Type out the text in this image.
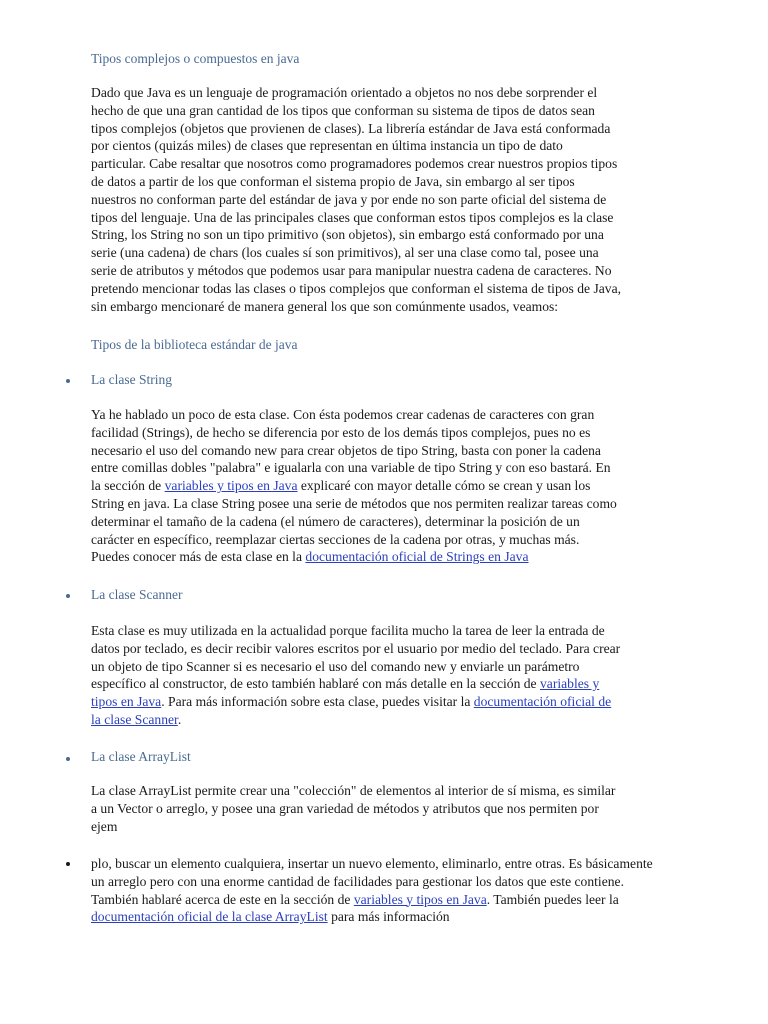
Tipos complejos o compuestos en java
Dado que Java es un lenguaje de programación orientado a objetos no nos debe sorprender el
hecho de que una gran cantidad de los tipos que conforman su sistema de tipos de datos sean
tipos complejos (objetos que provienen de clases). La librería estándar de Java está conformada
por cientos (quizás miles) de clases que representan en última instancia un tipo de dato
particular. Cabe resaltar que nosotros como programadores podemos crear nuestros propios tipos
de datos a partir de los que conforman el sistema propio de Java, sin embargo al ser tipos
nuestros no conforman parte del estándar de java y por ende no son parte oficial del sistema de
tipos del lenguaje. Una de las principales clases que conforman estos tipos complejos es la clase
String, los String no son un tipo primitivo (son objetos), sin embargo está conformado por una
serie (una cadena) de chars (los cuales sí son primitivos), al ser una clase como tal, posee una
serie de atributos y métodos que podemos usar para manipular nuestra cadena de caracteres. No
pretendo mencionar todas las clases o tipos complejos que conforman el sistema de tipos de Java,
sin embargo mencionaré de manera general los que son comúnmente usados, veamos:
Tipos de la biblioteca estándar de java
La clase String
Ya he hablado un poco de esta clase. Con ésta podemos crear cadenas de caracteres con gran
facilidad (Strings), de hecho se diferencia por esto de los demás tipos complejos, pues no es
necesario el uso del comando new para crear objetos de tipo String, basta con poner la cadena
entre comillas dobles "palabra" e igualarla con una variable de tipo String y con eso bastará. En
la sección de variables y tipos en Java explicaré con mayor detalle cómo se crean y usan los
String en java. La clase String posee una serie de métodos que nos permiten realizar tareas como
determinar el tamaño de la cadena (el número de caracteres), determinar la posición de un
carácter en específico, reemplazar ciertas secciones de la cadena por otras, y muchas más.
Puedes conocer más de esta clase en la documentación oficial de Strings en Java
La clase Scanner
Esta clase es muy utilizada en la actualidad porque facilita mucho la tarea de leer la entrada de
datos por teclado, es decir recibir valores escritos por el usuario por medio del teclado. Para crear
un objeto de tipo Scanner si es necesario el uso del comando new y enviarle un parámetro
específico al constructor, de esto también hablaré con más detalle en la sección de variables y
tipos en Java. Para más información sobre esta clase, puedes visitar la documentación oficial de
la clase Scanner.
La clase ArrayList
La clase ArrayList permite crear una "colección" de elementos al interior de sí misma, es similar
a un Vector o arreglo, y posee una gran variedad de métodos y atributos que nos permiten por
ejem
plo, buscar un elemento cualquiera, insertar un nuevo elemento, eliminarlo, entre otras. Es básicamente
un arreglo pero con una enorme cantidad de facilidades para gestionar los datos que este contiene.
También hablaré acerca de este en la sección de variables y tipos en Java. También puedes leer la
documentación oficial de la clase ArrayList para más información
